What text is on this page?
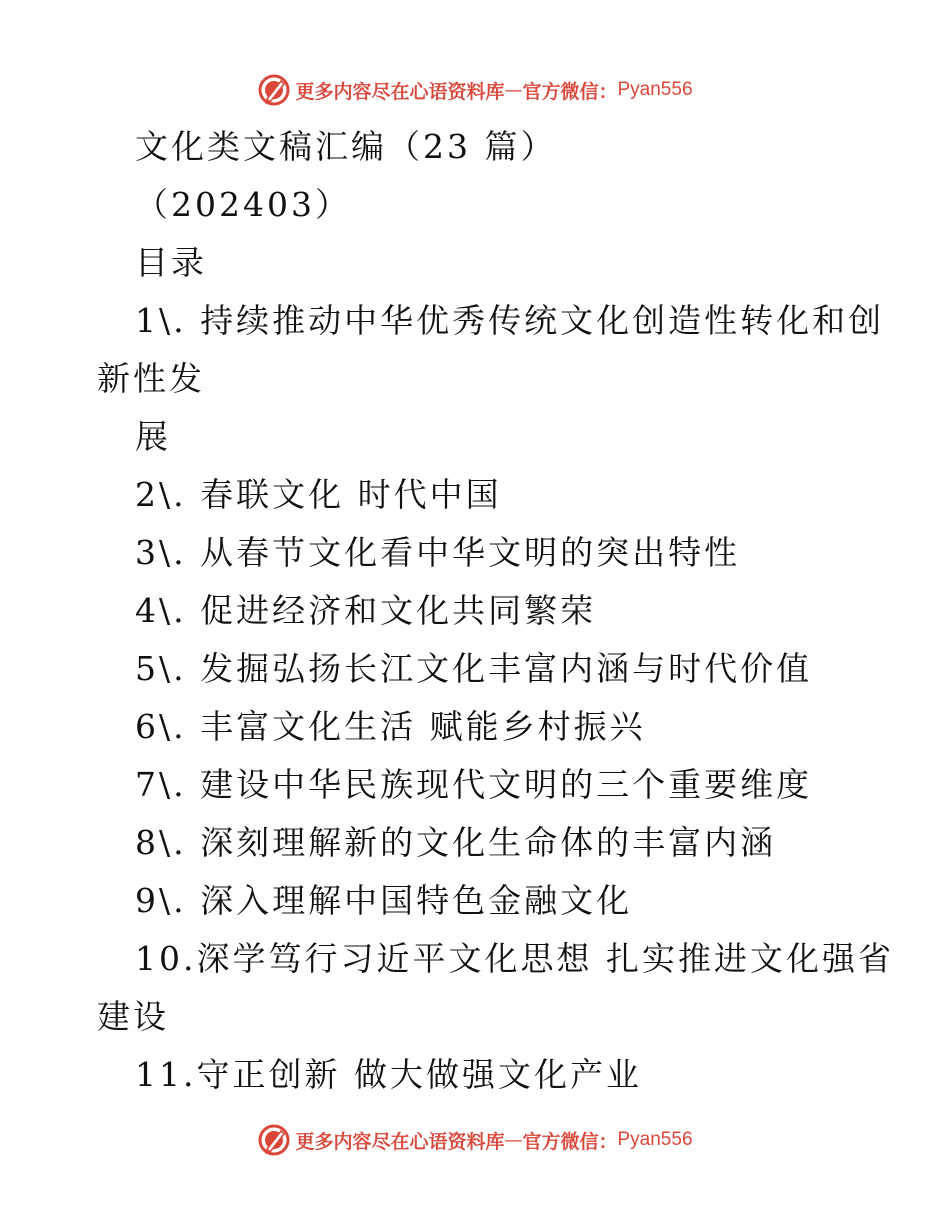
更多内容尽在心语资料库 — 官方微信： Pyan556
文化类文稿汇编（23 篇）
（202403）
目录
1\. 持续推动中华优秀传统文化创造性转化和创
新性发
展
2\. 春联文化 时代中国
3\. 从春节文化看中华文明的突出特性
4\. 促进经济和文化共同繁荣
5\. 发掘弘扬长江文化丰富内涵与时代价值
6\. 丰富文化生活 赋能乡村振兴
7\. 建设中华民族现代文明的三个重要维度
8\. 深刻理解新的文化生命体的丰富内涵
9\. 深入理解中国特色金融文化
10.深学笃行习近平文化思想 扎实推进文化强省
建设
11.守正创新 做大做强文化产业
更多内容尽在心语资料库 — 官方微信： Pyan556
